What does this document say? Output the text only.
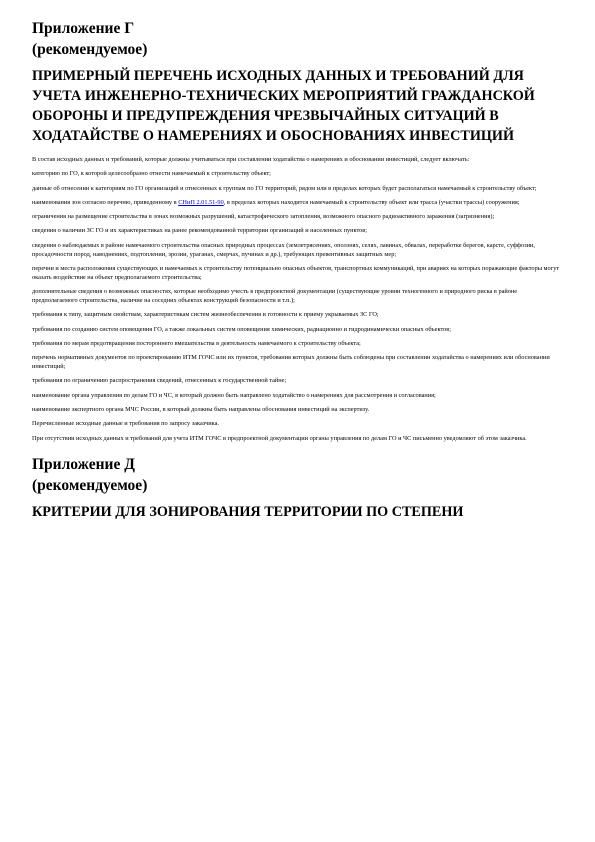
Приложение Г
(рекомендуемое)
ПРИМЕРНЫЙ ПЕРЕЧЕНЬ ИСХОДНЫХ ДАННЫХ И ТРЕБОВАНИЙ ДЛЯ УЧЕТА ИНЖЕНЕРНО-ТЕХНИЧЕСКИХ МЕРОПРИЯТИЙ ГРАЖДАНСКОЙ ОБОРОНЫ И ПРЕДУПРЕЖДЕНИЯ ЧРЕЗВЫЧАЙНЫХ СИТУАЦИЙ В ХОДАТАЙСТВЕ О НАМЕРЕНИЯХ И ОБОСНОВАНИЯХ ИНВЕСТИЦИЙ

В состав исходных данных и требований, которые должны учитываться при составлении ходатайства о намерениях и обосновании инвестиций, следует включать:

категорию по ГО, к которой целесообразно отнести намечаемый к строительству объект;

данные об отнесении к категориям по ГО организаций и отнесенных к группам по ГО территорий, рядом или в пределах которых будет располагаться намечаемый к строительству объект;

наименования зон согласно перечню, приведенному в СНиП 2.01.51-90, в пределах которых находится намечаемый к строительству объект или трасса (участки трассы) сооружения;

ограничения на размещение строительства в зонах возможных разрушений, катастрофического затопления, возможного опасного радиоактивного заражения (загрязнения);

сведения о наличии ЗС ГО и их характеристиках на ранее рекомендованной территории организаций и населенных пунктов;

сведения о наблюдаемых в районе намечаемого строительства опасных природных процессах (землетрясениях, оползнях, селях, лавинах, обвалах, переработке берегов, карсте, суффозии, просадочности пород, наводнениях, подтоплении, эрозии, ураганах, смерчах, пучинах и др.), требующих превентивных защитных мер;

перечни и места расположения существующих и намечаемых к строительству потенциально опасных объектов, транспортных коммуникаций, при авариях на которых поражающие факторы могут оказать воздействие на объект предполагаемого строительства;

дополнительные сведения о возможных опасностях, которые необходимо учесть в предпроектной документации (существующие уровни техногенного и природного риска в районе предполагаемого строительства, наличие на соседних объектах конструкций безопасности и т.п.);

требования к типу, защитным свойствам, характеристикам систем жизнеобеспечения и готовности к приему укрываемых ЗС ГО;

требования по созданию систем оповещения ГО, а также локальных систем оповещения химических, радиационно и гидродинамически опасных объектов;

требования по мерам предотвращения постороннего вмешательства в деятельность намечаемого к строительству объекта;

перечень нормативных документов по проектированию ИТМ ГОЧС или их пунктов, требования которых должны быть соблюдены при составлении ходатайства о намерениях или обосновании инвестиций;

требования по ограничению распространения сведений, отнесенных к государственной тайне;

наименование органа управления по делам ГО и ЧС, в который должно быть направлено ходатайство о намерениях для рассмотрения и согласования;

наименование экспертного органа МЧС России, в который должны быть направлены обоснования инвестиций на экспертизу.

Перечисленные исходные данные и требования по запросу заказчика.

При отсутствии исходных данных и требований для учета ИТМ ГОЧС в предпроектной документации органы управления по делам ГО и ЧС письменно уведомляют об этом заказчика.

Приложение Д
(рекомендуемое)
КРИТЕРИИ ДЛЯ ЗОНИРОВАНИЯ ТЕРРИТОРИИ ПО СТЕПЕНИ
